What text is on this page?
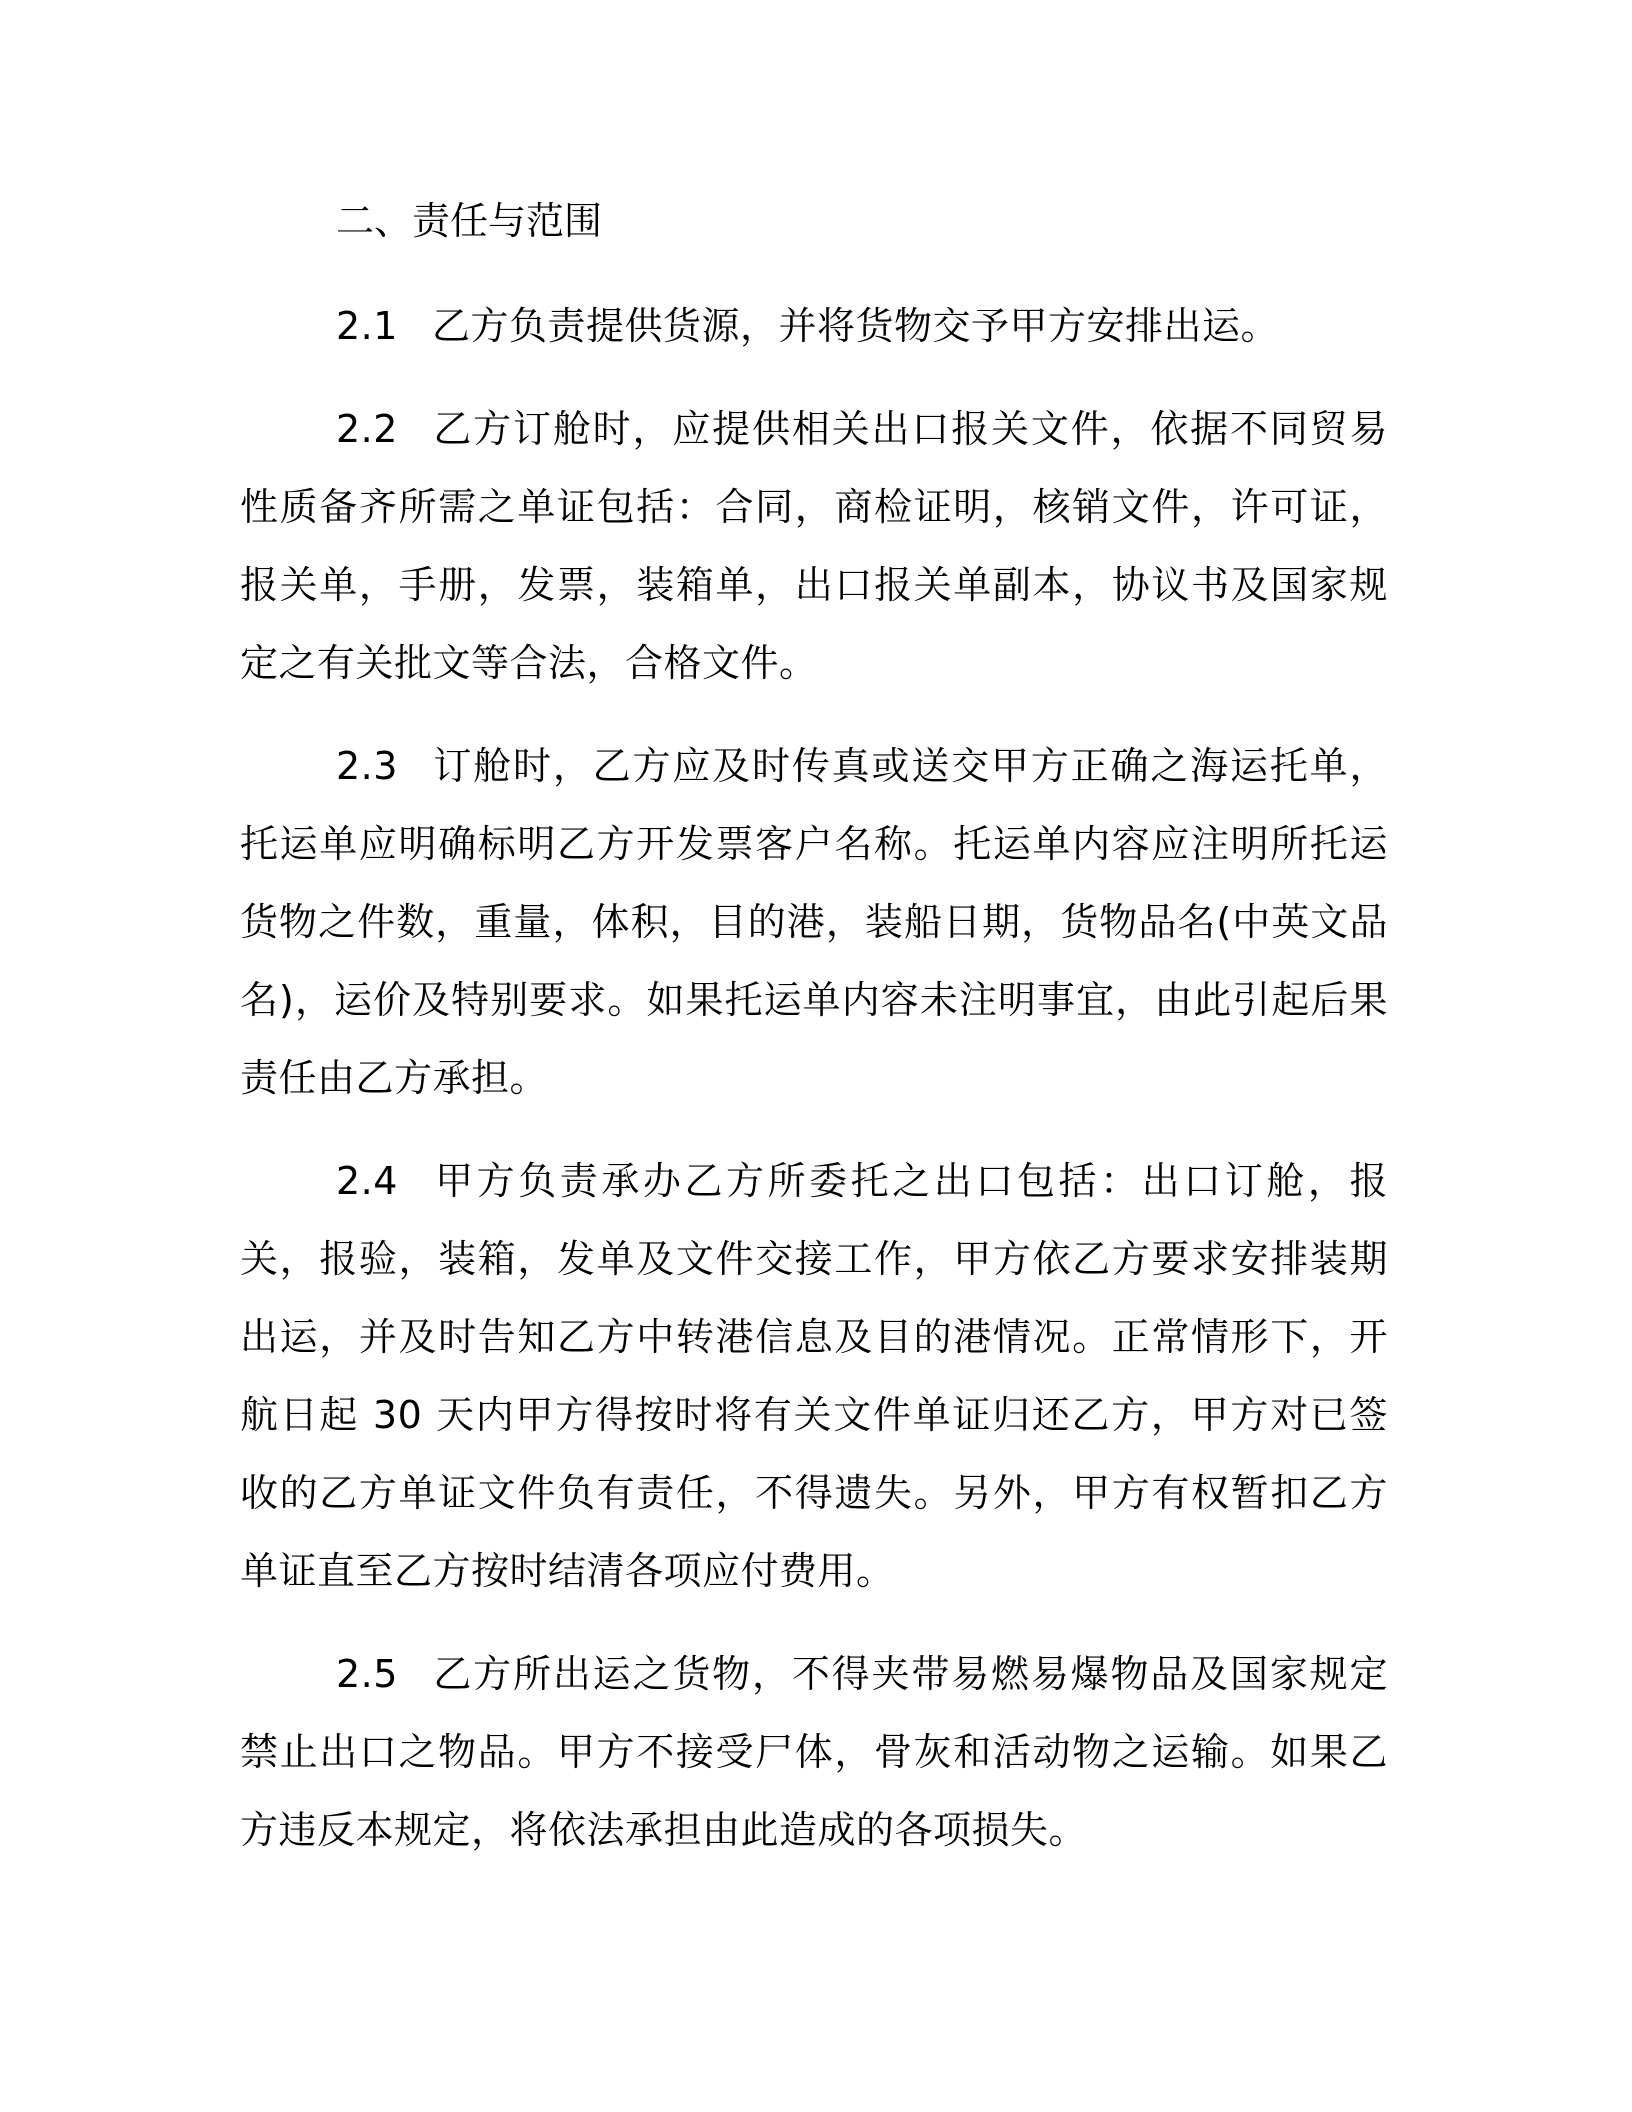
二、责任与范围

2.1 乙方负责提供货源，并将货物交予甲方安排出运。

2.2 乙方订舱时，应提供相关出口报关文件，依据不同贸易性质备齐所需之单证包括：合同，商检证明，核销文件，许可证，报关单，手册，发票，装箱单，出口报关单副本，协议书及国家规定之有关批文等合法，合格文件。

2.3 订舱时，乙方应及时传真或送交甲方正确之海运托单，托运单应明确标明乙方开发票客户名称。托运单内容应注明所托运货物之件数，重量，体积，目的港，装船日期，货物品名(中英文品名)，运价及特别要求。如果托运单内容未注明事宜，由此引起后果责任由乙方承担。

2.4 甲方负责承办乙方所委托之出口包括：出口订舱，报关，报验，装箱，发单及文件交接工作，甲方依乙方要求安排装期出运，并及时告知乙方中转港信息及目的港情况。正常情形下，开航日起 30 天内甲方得按时将有关文件单证归还乙方，甲方对已签收的乙方单证文件负有责任，不得遗失。另外，甲方有权暂扣乙方单证直至乙方按时结清各项应付费用。

2.5 乙方所出运之货物，不得夹带易燃易爆物品及国家规定禁止出口之物品。甲方不接受尸体，骨灰和活动物之运输。如果乙方违反本规定，将依法承担由此造成的各项损失。
